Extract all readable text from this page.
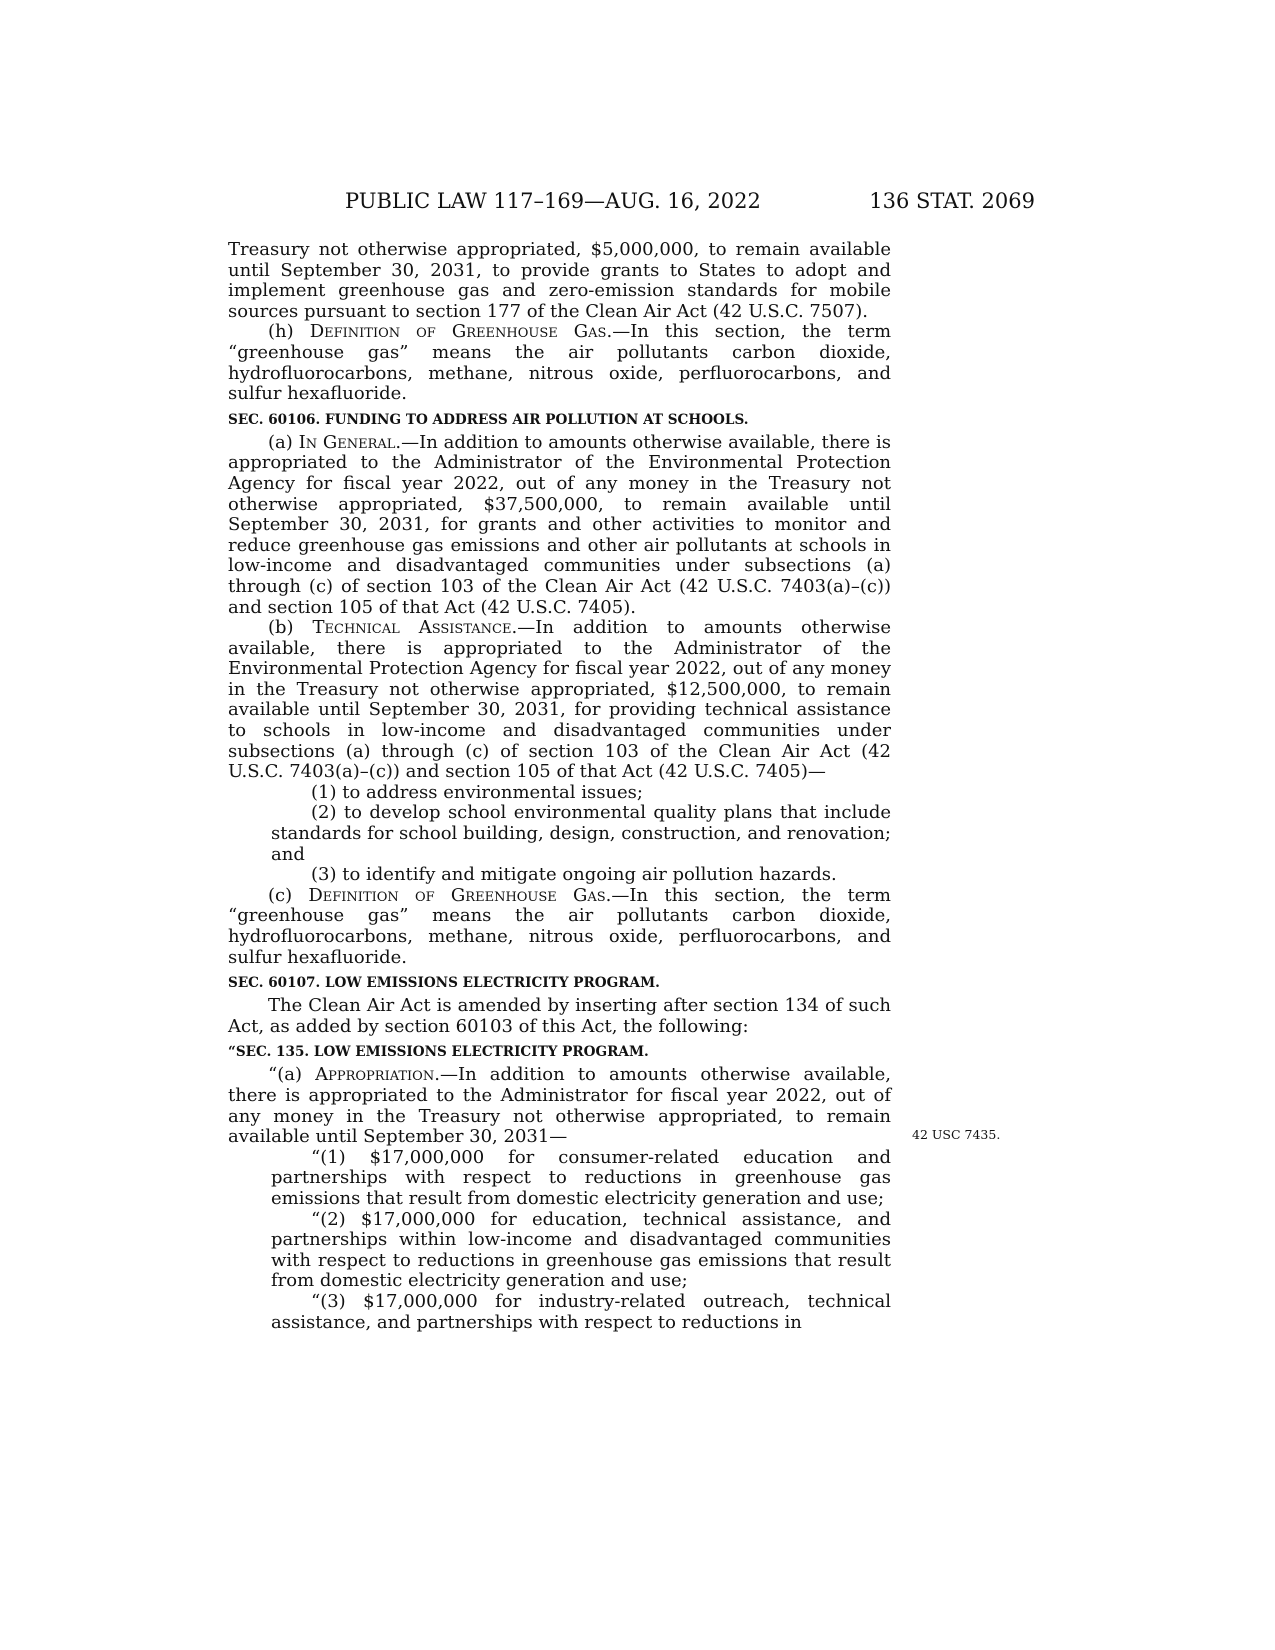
PUBLIC LAW 117–169—AUG. 16, 2022	136 STAT. 2069
42 USC 7435.

Treasury not otherwise appropriated, $5,000,000, to remain available until September 30, 2031, to provide grants to States to adopt and implement greenhouse gas and zero-emission standards for mobile sources pursuant to section 177 of the Clean Air Act (42 U.S.C. 7507).

(h) Definition of Greenhouse Gas.—In this section, the term “greenhouse gas” means the air pollutants carbon dioxide, hydrofluorocarbons, methane, nitrous oxide, perfluorocarbons, and sulfur hexafluoride.

SEC. 60106. FUNDING TO ADDRESS AIR POLLUTION AT SCHOOLS.

(a) In General.—In addition to amounts otherwise available, there is appropriated to the Administrator of the Environmental Protection Agency for fiscal year 2022, out of any money in the Treasury not otherwise appropriated, $37,500,000, to remain available until September 30, 2031, for grants and other activities to monitor and reduce greenhouse gas emissions and other air pollutants at schools in low-income and disadvantaged communities under subsections (a) through (c) of section 103 of the Clean Air Act (42 U.S.C. 7403(a)–(c)) and section 105 of that Act (42 U.S.C. 7405).

(b) Technical Assistance.—In addition to amounts otherwise available, there is appropriated to the Administrator of the Environmental Protection Agency for fiscal year 2022, out of any money in the Treasury not otherwise appropriated, $12,500,000, to remain available until September 30, 2031, for providing technical assistance to schools in low-income and disadvantaged communities under subsections (a) through (c) of section 103 of the Clean Air Act (42 U.S.C. 7403(a)–(c)) and section 105 of that Act (42 U.S.C. 7405)—

(1) to address environmental issues;

(2) to develop school environmental quality plans that include standards for school building, design, construction, and renovation; and

(3) to identify and mitigate ongoing air pollution hazards.

(c) Definition of Greenhouse Gas.—In this section, the term “greenhouse gas” means the air pollutants carbon dioxide, hydrofluorocarbons, methane, nitrous oxide, perfluorocarbons, and sulfur hexafluoride.

SEC. 60107. LOW EMISSIONS ELECTRICITY PROGRAM.

The Clean Air Act is amended by inserting after section 134 of such Act, as added by section 60103 of this Act, the following:

“SEC. 135. LOW EMISSIONS ELECTRICITY PROGRAM.

“(a) Appropriation.—In addition to amounts otherwise available, there is appropriated to the Administrator for fiscal year 2022, out of any money in the Treasury not otherwise appropriated, to remain available until September 30, 2031—

“(1) $17,000,000 for consumer-related education and partnerships with respect to reductions in greenhouse gas emissions that result from domestic electricity generation and use;

“(2) $17,000,000 for education, technical assistance, and partnerships within low-income and disadvantaged communities with respect to reductions in greenhouse gas emissions that result from domestic electricity generation and use;

“(3) $17,000,000 for industry-related outreach, technical assistance, and partnerships with respect to reductions in
